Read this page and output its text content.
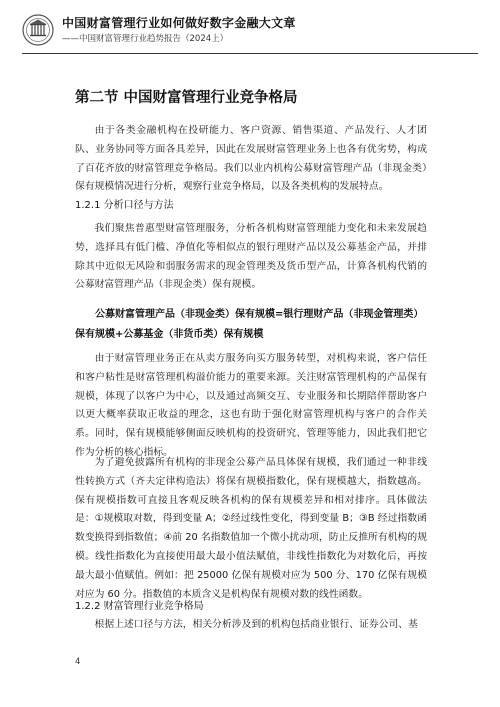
中国财富管理行业如何做好数字金融大文章
——中国财富管理行业趋势报告（2024上）
第二节 中国财富管理行业竞争格局

由于各类金融机构在投研能力、客户资源、销售渠道、产品发行、人才团队、业务协同等方面各具差异，因此在发展财富管理业务上也各有优劣势，构成了百花齐放的财富管理竞争格局。我们以业内机构公募财富管理产品（非现金类）保有规模情况进行分析，观察行业竞争格局，以及各类机构的发展特点。

1.2.1 分析口径与方法

我们聚焦普惠型财富管理服务，分析各机构财富管理能力变化和未来发展趋势，选择具有低门槛、净值化等相似点的银行理财产品以及公募基金产品，并排除其中近似无风险和弱服务需求的现金管理类及货币型产品，计算各机构代销的公募财富管理产品（非现金类）保有规模。

公募财富管理产品（非现金类）保有规模=银行理财产品（非现金管理类）保有规模+公募基金（非货币类）保有规模

由于财富管理业务正在从卖方服务向买方服务转型，对机构来说，客户信任和客户粘性是财富管理机构溢价能力的重要来源。关注财富管理机构的产品保有规模，体现了以客户为中心，以及通过高频交互、专业服务和长期陪伴帮助客户以更大概率获取正收益的理念，这也有助于强化财富管理机构与客户的合作关系。同时，保有规模能够侧面反映机构的投资研究、管理等能力，因此我们把它作为分析的核心指标。

为了避免披露所有机构的非现金公募产品具体保有规模，我们通过一种非线性转换方式（齐夫定律构造法）将保有规模指数化，保有规模越大，指数越高。保有规模指数可直接且客观反映各机构的保有规模差异和相对排序。具体做法是：①规模取对数，得到变量 A；②经过线性变化，得到变量 B；③B 经过指数函数变换得到指数值；④前 20 名指数值加一个微小扰动项，防止反推所有机构的规模。线性指数化为直接使用最大最小值法赋值，非线性指数化为对数化后，再按最大最小值赋值。例如：把 25000 亿保有规模对应为 500 分、170 亿保有规模对应为 60 分。指数值的本质含义是机构保有规模对数的线性函数。

1.2.2 财富管理行业竞争格局

根据上述口径与方法，相关分析涉及到的机构包括商业银行、证券公司、基

4
